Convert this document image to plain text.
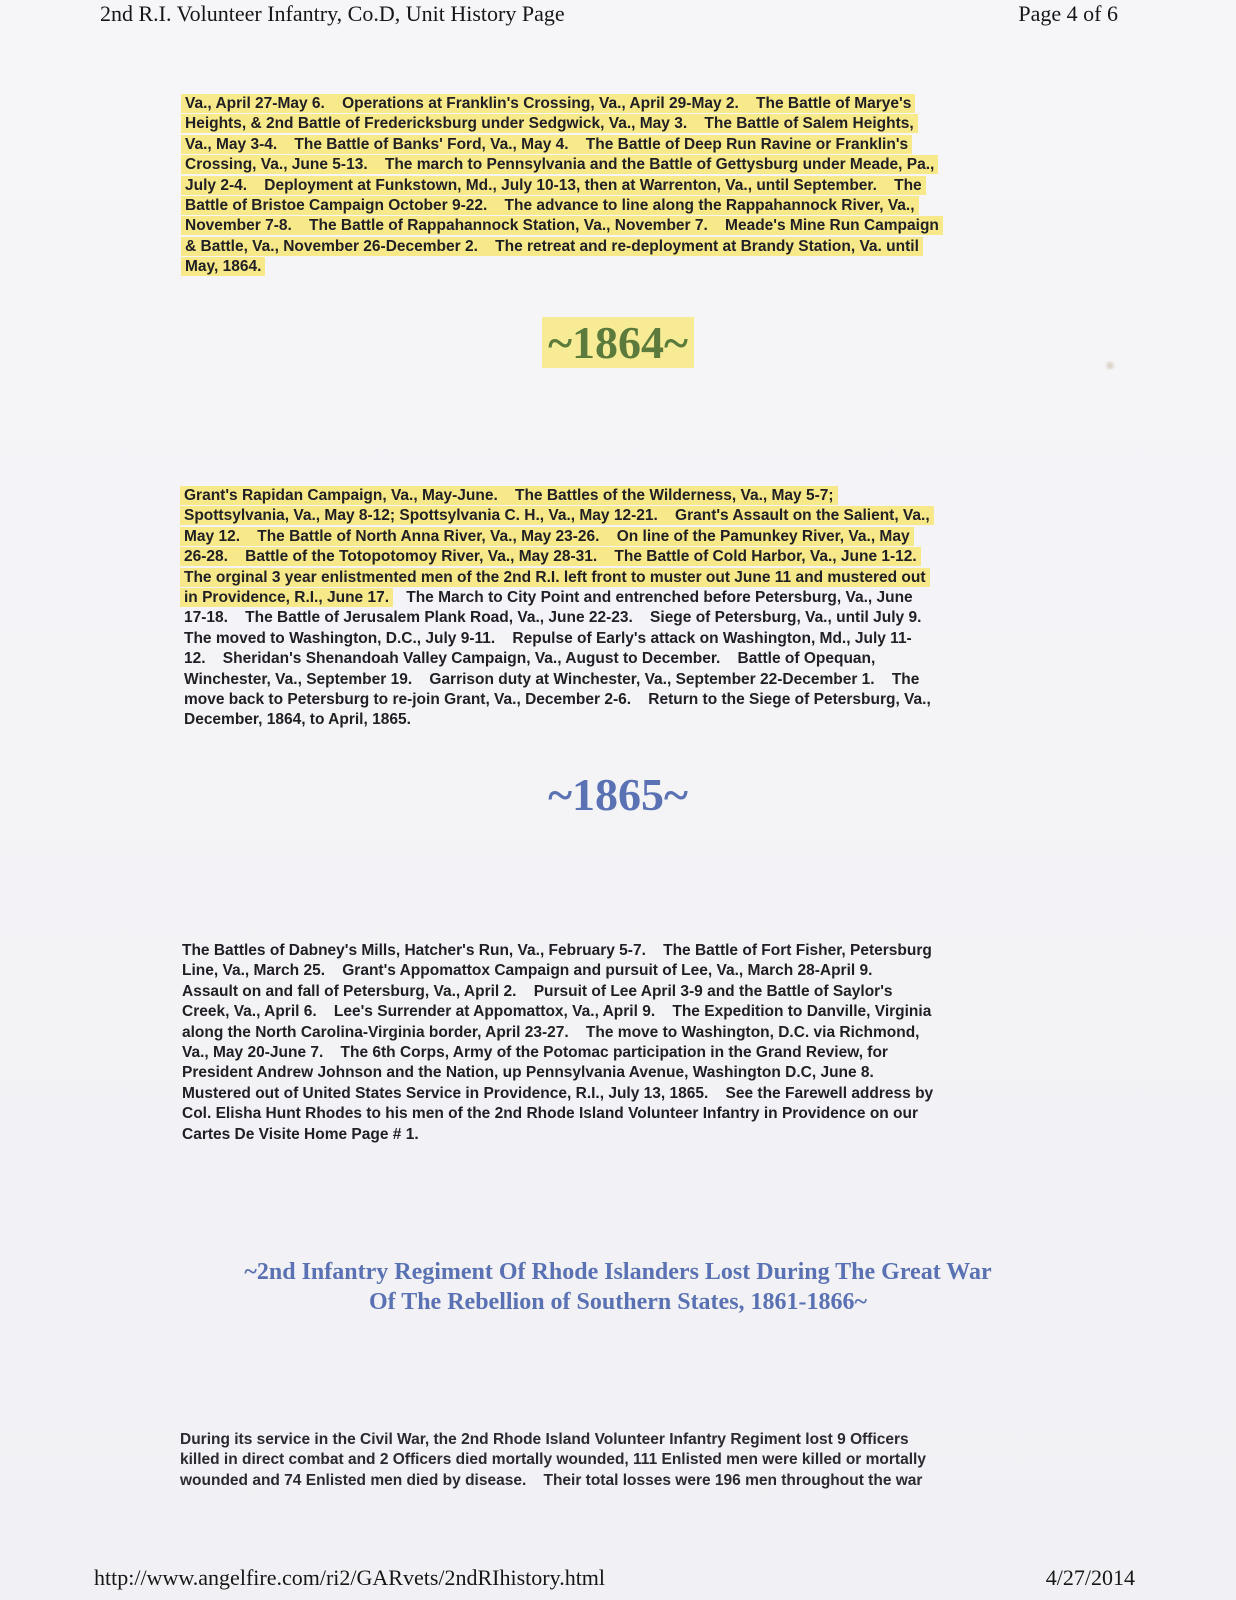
2nd R.I. Volunteer Infantry, Co.D, Unit History Page	Page 4 of 6

Va., April 27-May 6.    Operations at Franklin's Crossing, Va., April 29-May 2.    The Battle of Marye's
Heights, & 2nd Battle of Fredericksburg under Sedgwick, Va., May 3.    The Battle of Salem Heights,
Va., May 3-4.    The Battle of Banks' Ford, Va., May 4.    The Battle of Deep Run Ravine or Franklin's
Crossing, Va., June 5-13.    The march to Pennsylvania and the Battle of Gettysburg under Meade, Pa.,
July 2-4.    Deployment at Funkstown, Md., July 10-13, then at Warrenton, Va., until September.    The
Battle of Bristoe Campaign October 9-22.    The advance to line along the Rappahannock River, Va.,
November 7-8.    The Battle of Rappahannock Station, Va., November 7.    Meade's Mine Run Campaign
& Battle, Va., November 26-December 2.    The retreat and re-deployment at Brandy Station, Va. until
May, 1864.

~1864~

Grant's Rapidan Campaign, Va., May-June.    The Battles of the Wilderness, Va., May 5-7;
Spottsylvania, Va., May 8-12; Spottsylvania C. H., Va., May 12-21.    Grant's Assault on the Salient, Va.,
May 12.    The Battle of North Anna River, Va., May 23-26.    On line of the Pamunkey River, Va., May
26-28.    Battle of the Totopotomoy River, Va., May 28-31.    The Battle of Cold Harbor, Va., June 1-12.
The orginal 3 year enlistmented men of the 2nd R.I. left front to muster out June 11 and mustered out
in Providence, R.I., June 17.    The March to City Point and entrenched before Petersburg, Va., June
17-18.    The Battle of Jerusalem Plank Road, Va., June 22-23.    Siege of Petersburg, Va., until July 9.
The moved to Washington, D.C., July 9-11.    Repulse of Early's attack on Washington, Md., July 11-
12.    Sheridan's Shenandoah Valley Campaign, Va., August to December.    Battle of Opequan,
Winchester, Va., September 19.    Garrison duty at Winchester, Va., September 22-December 1.    The
move back to Petersburg to re-join Grant, Va., December 2-6.    Return to the Siege of Petersburg, Va.,
December, 1864, to April, 1865.

~1865~

The Battles of Dabney's Mills, Hatcher's Run, Va., February 5-7.    The Battle of Fort Fisher, Petersburg
Line, Va., March 25.    Grant's Appomattox Campaign and pursuit of Lee, Va., March 28-April 9.
Assault on and fall of Petersburg, Va., April 2.    Pursuit of Lee April 3-9 and the Battle of Saylor's
Creek, Va., April 6.    Lee's Surrender at Appomattox, Va., April 9.    The Expedition to Danville, Virginia
along the North Carolina-Virginia border, April 23-27.    The move to Washington, D.C. via Richmond,
Va., May 20-June 7.    The 6th Corps, Army of the Potomac participation in the Grand Review, for
President Andrew Johnson and the Nation, up Pennsylvania Avenue, Washington D.C, June 8.
Mustered out of United States Service in Providence, R.I., July 13, 1865.    See the Farewell address by
Col. Elisha Hunt Rhodes to his men of the 2nd Rhode Island Volunteer Infantry in Providence on our
Cartes De Visite Home Page # 1.

~2nd Infantry Regiment Of Rhode Islanders Lost During The Great War
Of The Rebellion of Southern States, 1861-1866~

During its service in the Civil War, the 2nd Rhode Island Volunteer Infantry Regiment lost 9 Officers
killed in direct combat and 2 Officers died mortally wounded, 111 Enlisted men were killed or mortally
wounded and 74 Enlisted men died by disease.    Their total losses were 196 men throughout the war

http://www.angelfire.com/ri2/GARvets/2ndRIhistory.html	4/27/2014
